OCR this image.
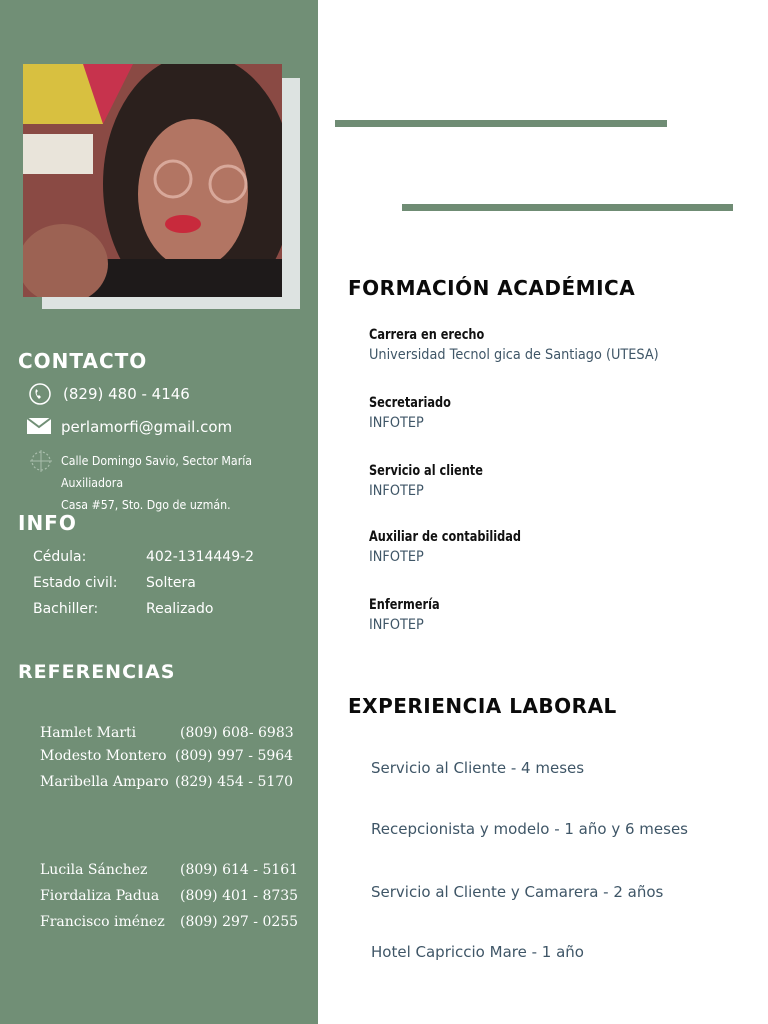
CONTACTO
(829) 480 - 4146
perlamorfi@gmail.com
Calle Domingo Savio, Sector María Auxiliadora
Casa #57, Sto. Dgo de uzmán.
INFO
Cédula:	402-1314449-2
Estado civil: Soltera
Bachiller:	Realizado
REFERENCIAS
Hamlet Marti	(809) 608- 6983
Modesto Montero (809) 997 - 5964
Maribella Amparo (829) 454 - 5170
Lucila Sánchez (809) 614 - 5161
Fiordaliza Padua (809) 401 - 8735
Francisco iménez (809) 297 - 0255
FORMACIÓN ACADÉMICA
Carrera en erecho
Universidad Tecnol gica de Santiago (UTESA)
Secretariado
INFOTEP
Servicio al cliente
INFOTEP
Auxiliar de contabilidad
INFOTEP
Enfermería
INFOTEP
EXPERIENCIA LABORAL
Servicio al Cliente - 4 meses
Recepcionista y modelo - 1 año y 6 meses
Servicio al Cliente y Camarera - 2 años
Hotel Capriccio Mare - 1 año
